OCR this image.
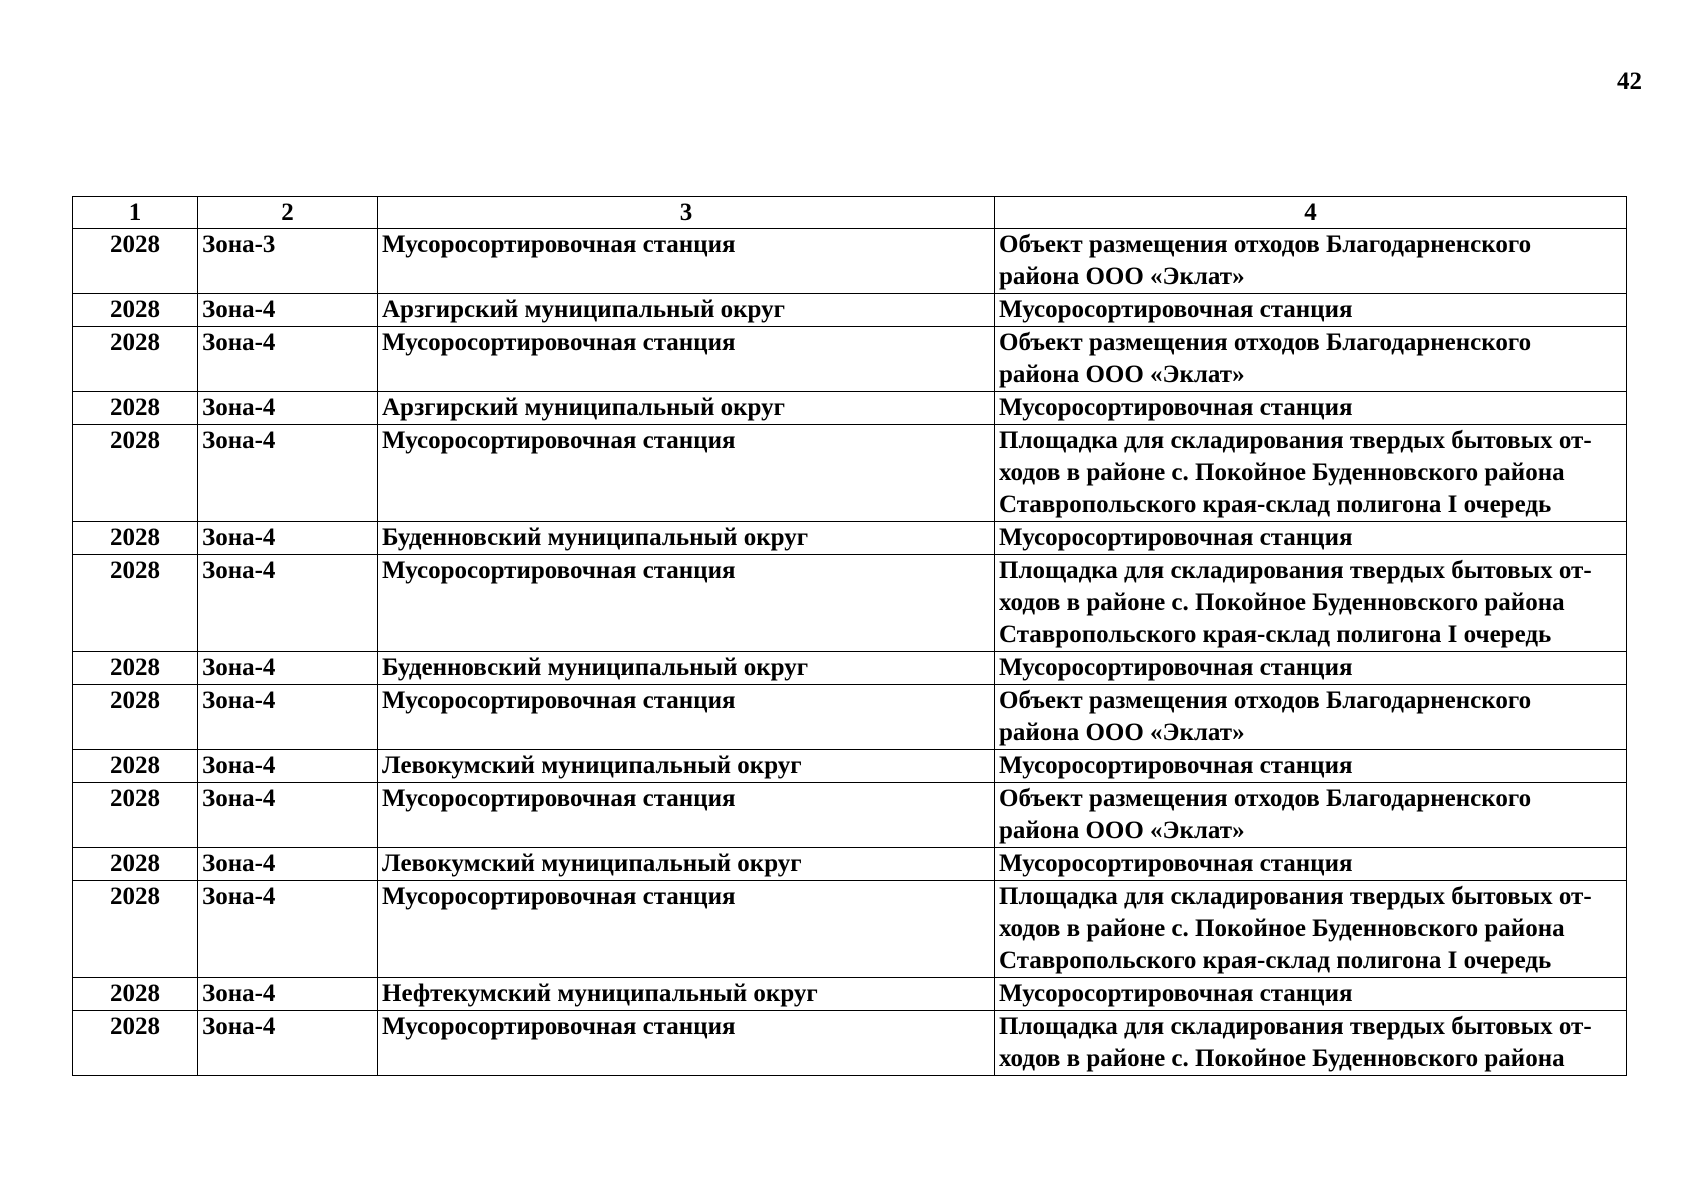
42
1	2	3	4
2028	Зона-3	Мусоросортировочная станция	Объект размещения отходов Благодарненского
района ООО «Эклат»

2028	Зона-4	Арзгирский муниципальный округ	Мусоросортировочная станция

2028	Зона-4	Мусоросортировочная станция	Объект размещения отходов Благодарненского
района ООО «Эклат»

2028	Зона-4	Арзгирский муниципальный округ	Мусоросортировочная станция

2028	Зона-4	Мусоросортировочная станция	Площадка для складирования твердых бытовых от-
ходов в районе с. Покойное Буденновского района
Ставропольского края-склад полигона I очередь

2028	Зона-4	Буденновский муниципальный округ	Мусоросортировочная станция

2028	Зона-4	Мусоросортировочная станция	Площадка для складирования твердых бытовых от-
ходов в районе с. Покойное Буденновского района
Ставропольского края-склад полигона I очередь

2028	Зона-4	Буденновский муниципальный округ	Мусоросортировочная станция

2028	Зона-4	Мусоросортировочная станция	Объект размещения отходов Благодарненского
района ООО «Эклат»

2028	Зона-4	Левокумский муниципальный округ	Мусоросортировочная станция

2028	Зона-4	Мусоросортировочная станция	Объект размещения отходов Благодарненского
района ООО «Эклат»

2028	Зона-4	Левокумский муниципальный округ	Мусоросортировочная станция

2028	Зона-4	Мусоросортировочная станция	Площадка для складирования твердых бытовых от-
ходов в районе с. Покойное Буденновского района
Ставропольского края-склад полигона I очередь

2028	Зона-4	Нефтекумский муниципальный округ	Мусоросортировочная станция

2028	Зона-4	Мусоросортировочная станция	Площадка для складирования твердых бытовых от-
ходов в районе с. Покойное Буденновского района
